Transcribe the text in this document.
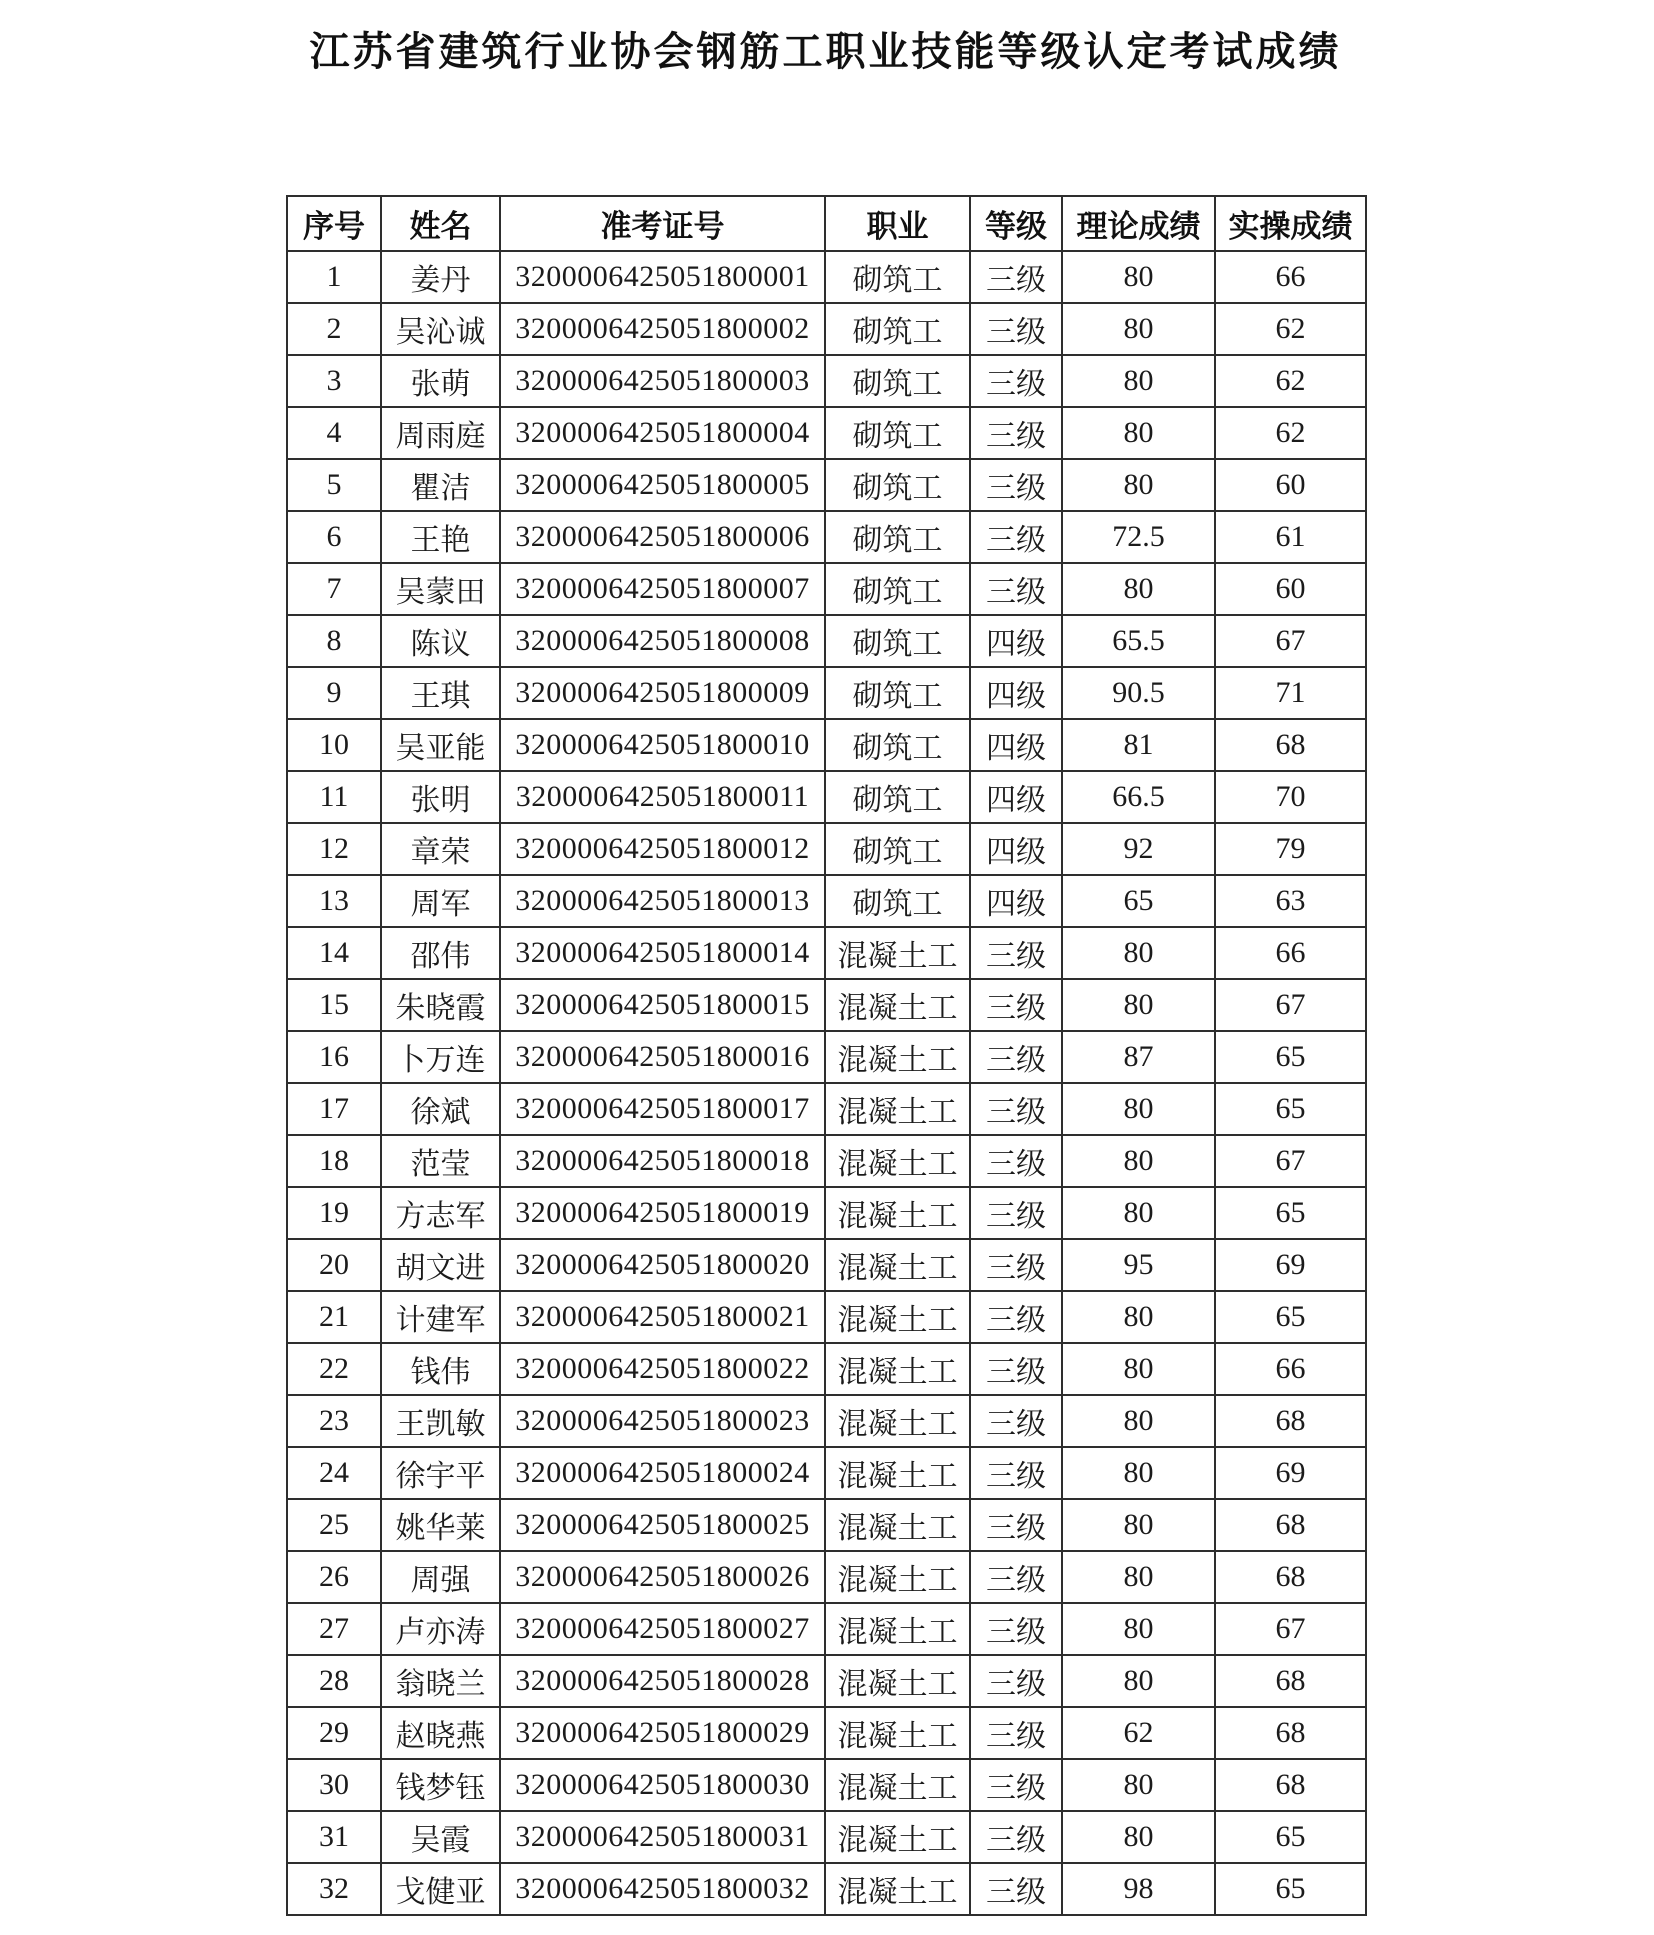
江苏省建筑行业协会钢筋工职业技能等级认定考试成绩
序号	姓名	准考证号	职业	等级	理论成绩	实操成绩
1	姜丹	3200006425051800001	砌筑工	三级	80	66
2	吴沁诚	3200006425051800002	砌筑工	三级	80	62
3	张萌	3200006425051800003	砌筑工	三级	80	62
4	周雨庭	3200006425051800004	砌筑工	三级	80	62
5	瞿洁	3200006425051800005	砌筑工	三级	80	60
6	王艳	3200006425051800006	砌筑工	三级	72.5	61
7	吴蒙田	3200006425051800007	砌筑工	三级	80	60
8	陈议	3200006425051800008	砌筑工	四级	65.5	67
9	王琪	3200006425051800009	砌筑工	四级	90.5	71
10	吴亚能	3200006425051800010	砌筑工	四级	81	68
11	张明	3200006425051800011	砌筑工	四级	66.5	70
12	章荣	3200006425051800012	砌筑工	四级	92	79
13	周军	3200006425051800013	砌筑工	四级	65	63
14	邵伟	3200006425051800014	混凝土工	三级	80	66
15	朱晓霞	3200006425051800015	混凝土工	三级	80	67
16	卜万连	3200006425051800016	混凝土工	三级	87	65
17	徐斌	3200006425051800017	混凝土工	三级	80	65
18	范莹	3200006425051800018	混凝土工	三级	80	67
19	方志军	3200006425051800019	混凝土工	三级	80	65
20	胡文进	3200006425051800020	混凝土工	三级	95	69
21	计建军	3200006425051800021	混凝土工	三级	80	65
22	钱伟	3200006425051800022	混凝土工	三级	80	66
23	王凯敏	3200006425051800023	混凝土工	三级	80	68
24	徐宇平	3200006425051800024	混凝土工	三级	80	69
25	姚华莱	3200006425051800025	混凝土工	三级	80	68
26	周强	3200006425051800026	混凝土工	三级	80	68
27	卢亦涛	3200006425051800027	混凝土工	三级	80	67
28	翁晓兰	3200006425051800028	混凝土工	三级	80	68
29	赵晓燕	3200006425051800029	混凝土工	三级	62	68
30	钱梦钰	3200006425051800030	混凝土工	三级	80	68
31	吴霞	3200006425051800031	混凝土工	三级	80	65
32	戈健亚	3200006425051800032	混凝土工	三级	98	65
